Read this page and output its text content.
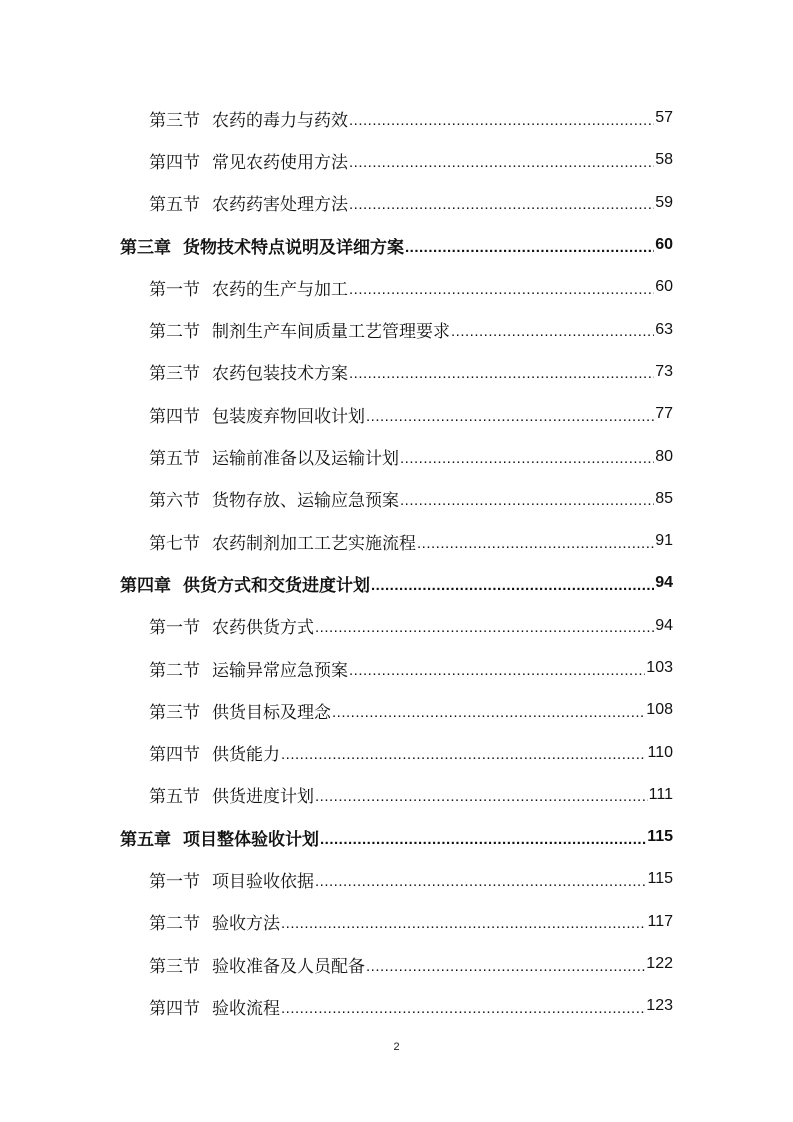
第三节 农药的毒力与药效 .....	57
第四节 常见农药使用方法 .....	58
第五节 农药药害处理方法 .....	59
第三章 货物技术特点说明及详细方案 .....	60
第一节 农药的生产与加工 .....	60
第二节 制剂生产车间质量工艺管理要求 .....	63
第三节 农药包装技术方案 .....	73
第四节 包装废弃物回收计划 .....	77
第五节 运输前准备以及运输计划 .....	80
第六节 货物存放、运输应急预案 .....	85
第七节 农药制剂加工工艺实施流程 .....	91
第四章 供货方式和交货进度计划 .....	94
第一节 农药供货方式 .....	94
第二节 运输异常应急预案 .....	103
第三节 供货目标及理念 .....	108
第四节 供货能力 .....	110
第五节 供货进度计划 .....	111
第五章 项目整体验收计划 .....	115
第一节 项目验收依据 .....	115
第二节 验收方法 .....	117
第三节 验收准备及人员配备 .....	122
第四节 验收流程 .....	123
2
